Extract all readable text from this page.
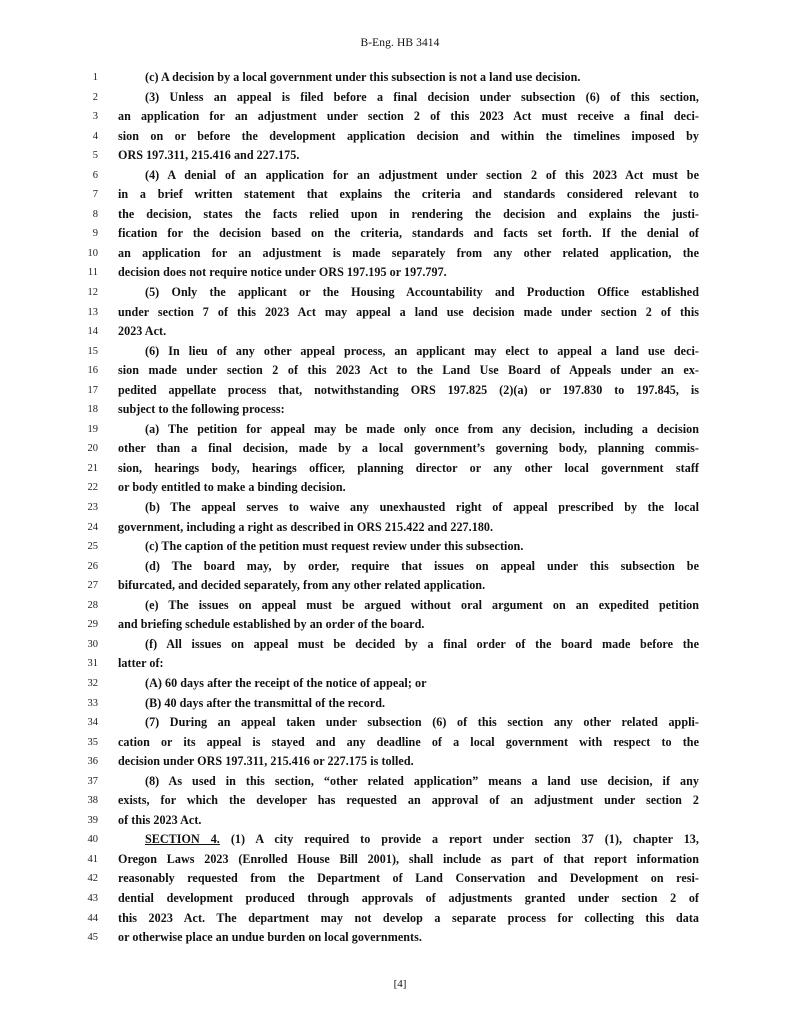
B-Eng. HB 3414
1	(c) A decision by a local government under this subsection is not a land use decision.
2	(3) Unless an appeal is filed before a final decision under subsection (6) of this section,
3 an application for an adjustment under section 2 of this 2023 Act must receive a final deci-
4 sion on or before the development application decision and within the timelines imposed by
5 ORS 197.311, 215.416 and 227.175.
6	(4) A denial of an application for an adjustment under section 2 of this 2023 Act must be
7 in a brief written statement that explains the criteria and standards considered relevant to
8 the decision, states the facts relied upon in rendering the decision and explains the justi-
9 fication for the decision based on the criteria, standards and facts set forth. If the denial of
10 an application for an adjustment is made separately from any other related application, the
11 decision does not require notice under ORS 197.195 or 197.797.
12	(5) Only the applicant or the Housing Accountability and Production Office established
13 under section 7 of this 2023 Act may appeal a land use decision made under section 2 of this
14 2023 Act.
15	(6) In lieu of any other appeal process, an applicant may elect to appeal a land use deci-
16 sion made under section 2 of this 2023 Act to the Land Use Board of Appeals under an ex-
17 pedited appellate process that, notwithstanding ORS 197.825 (2)(a) or 197.830 to 197.845, is
18 subject to the following process:
19	(a) The petition for appeal may be made only once from any decision, including a decision
20 other than a final decision, made by a local government’s governing body, planning commis-
21 sion, hearings body, hearings officer, planning director or any other local government staff
22 or body entitled to make a binding decision.
23	(b) The appeal serves to waive any unexhausted right of appeal prescribed by the local
24 government, including a right as described in ORS 215.422 and 227.180.
25	(c) The caption of the petition must request review under this subsection.
26	(d) The board may, by order, require that issues on appeal under this subsection be
27 bifurcated, and decided separately, from any other related application.
28	(e) The issues on appeal must be argued without oral argument on an expedited petition
29 and briefing schedule established by an order of the board.
30	(f) All issues on appeal must be decided by a final order of the board made before the
31 latter of:
32	(A) 60 days after the receipt of the notice of appeal; or
33	(B) 40 days after the transmittal of the record.
34	(7) During an appeal taken under subsection (6) of this section any other related appli-
35 cation or its appeal is stayed and any deadline of a local government with respect to the
36 decision under ORS 197.311, 215.416 or 227.175 is tolled.
37	(8) As used in this section, “other related application” means a land use decision, if any
38 exists, for which the developer has requested an approval of an adjustment under section 2
39 of this 2023 Act.
40	SECTION 4. (1) A city required to provide a report under section 37 (1), chapter 13,
41 Oregon Laws 2023 (Enrolled House Bill 2001), shall include as part of that report information
42 reasonably requested from the Department of Land Conservation and Development on resi-
43 dential development produced through approvals of adjustments granted under section 2 of
44 this 2023 Act. The department may not develop a separate process for collecting this data
45 or otherwise place an undue burden on local governments.
[4]
